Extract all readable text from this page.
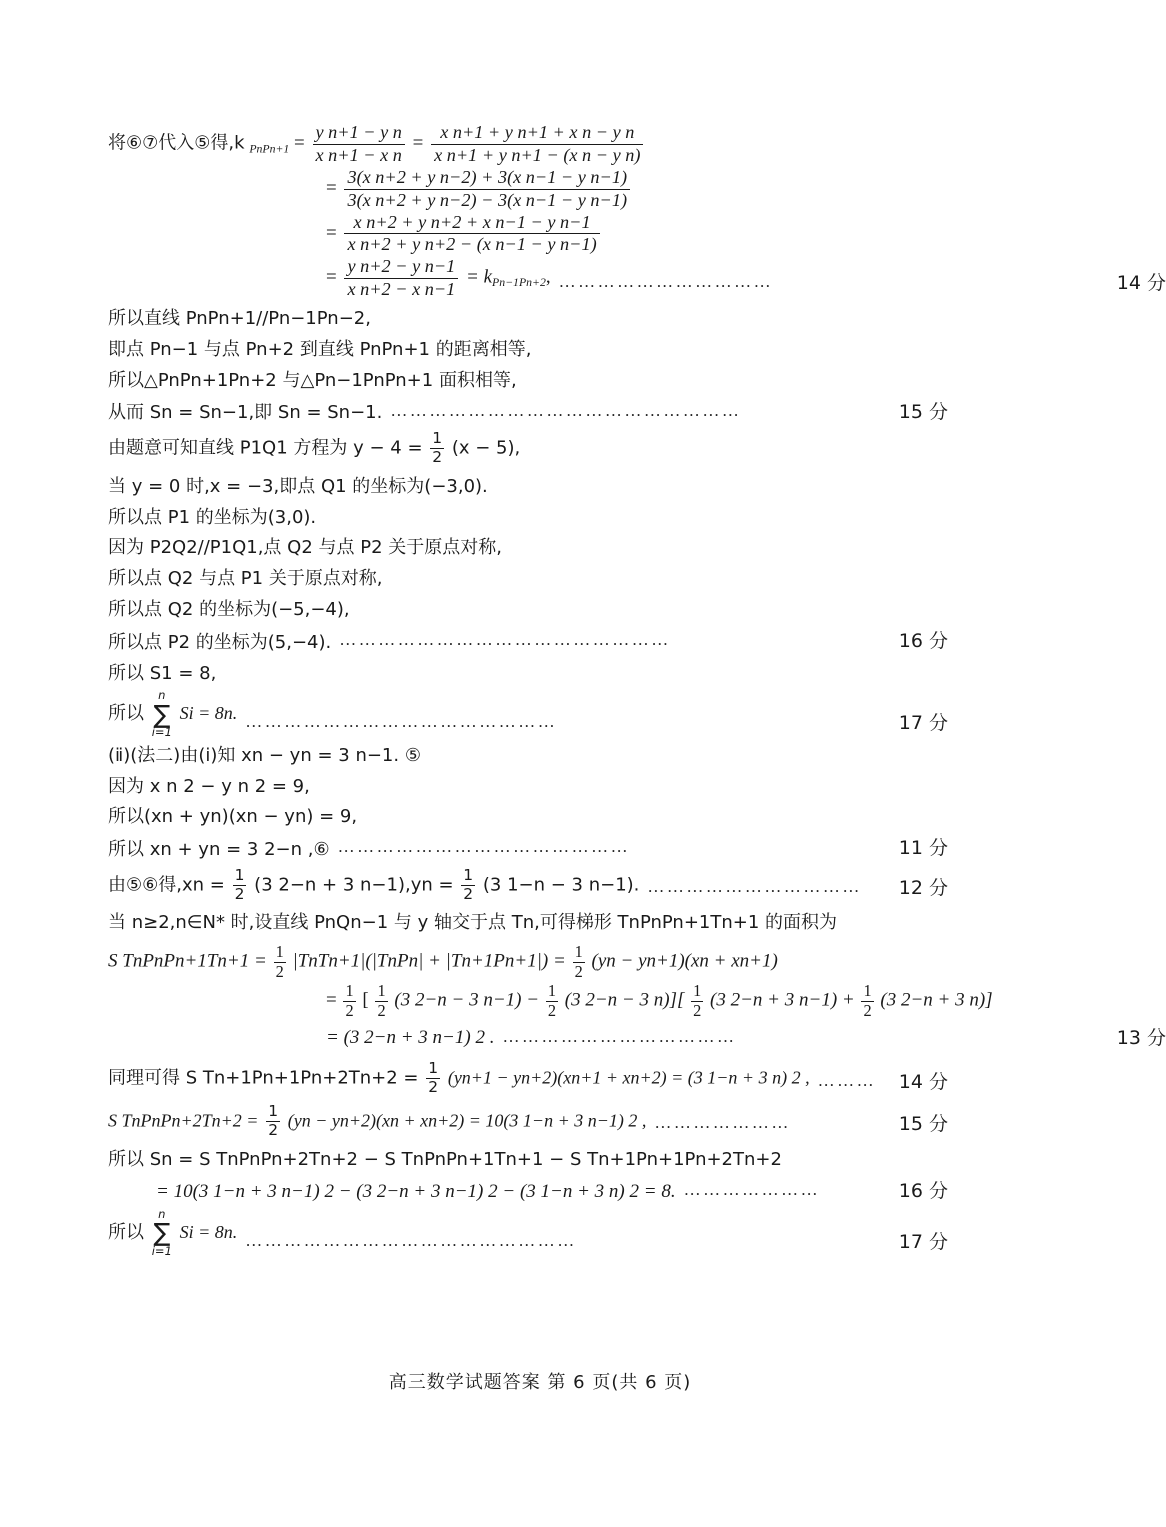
将⑥⑦代入⑤得,k $_{PnPn+1} = \frac{\text{y n+1 − y n}}{\text{x n+1 − x n}} = \frac{\text{x n+1 + y n+1 + x n − y n}}{\text{x n+1 + y n+1 − (x n − y n)}}$
= $\frac{\text{3(x n+2 + y n−2) + 3(x n−1 − y n−1)}}{\text{3(x n+2 + y n−2) − 3(x n−1 − y n−1)}}$
= $\frac{\text{x n+2 + y n+2 + x n−1 − y n−1}}{\text{x n+2 + y n+2 − (x n−1 − y n−1)}}$
= $\frac{\text{y n+2 − y n−1}}{\text{x n+2 − x n−1}} = k_{Pn-1Pn+2}$, ……………………………	14 分
所以直线 PnPn+1//Pn−1Pn−2,
即点 Pn−1 与点 Pn+2 到直线 PnPn+1 的距离相等,
所以△PnPn+1Pn+2 与△Pn−1PnPn+1 面积相等,
从而 Sn = Sn−1,即 Sn = Sn−1. ………………………………………………	15 分
由题意可知直线 P1Q1 方程为 $y - 4 = \frac{1}{2} (x - 5)$,
当 y = 0 时,x = −3,即点 Q1 的坐标为(−3,0).
所以点 P1 的坐标为(3,0).
因为 P2Q2//P1Q1,点 Q2 与点 P2 关于原点对称,
所以点 Q2 与点 P1 关于原点对称,
所以点 Q2 的坐标为(−5,−4),
所以点 P2 的坐标为(5,−4). ……………………………………………	16 分
所以 S1 = 8,
所以
n
∑
i=1
Si = 8n. …………………………………………	17 分
(ⅱ)(法二)由(ⅰ)知 xn − yn = 3 n−1. ⑤
因为 x n 2 − y n 2 = 9,
所以(xn + yn)(xn − yn) = 9,
所以 xn + yn = 3 2−n ,⑥ ………………………………………	11 分
由⑤⑥得$,xn = \frac{1}{2} (3$ 2−n + 3 $n-1),yn = \frac{1}{2} (3$ 1−n − 3 n−1). ……………………………	12 分
当 n≥2,n∈N* 时,设直线 PnQn−1 与 y 轴交于点 Tn,可得梯形 TnPnPn+1Tn+1 的面积为
S TnPnPn+1Tn+1 = $\frac{1}{2}$ |TnTn+1|(|TnPn| + $|Tn+1Pn+1|) = \frac{1}{2} (yn - yn+1)(xn + xn+1)$
= $\frac{1}{2}$ [ $\frac{1}{2} (3$ 2−n − 3 $n-1) - \frac{1}{2} (3$ 2−n − 3 $n)][ \frac{1}{2} (3$ 2−n + 3 $n-1) + \frac{1}{2} (3$ 2−n + 3 n)]
= (3 2−n + 3 n−1) 2 . ………………………………	13 分
同理可得 S $Tn+1Pn+1Pn+2Tn+2 = \frac{1}{2} (yn+1 - yn+2)(xn+1 + xn+2) = (3$ 1−n + 3 n) 2 , ………	14 分
S TnPnPn+2Tn+2 = $\frac{1}{2} (yn - yn+2)(xn + xn+2) = 10(3$ 1−n + 3 n−1) 2 , …………………	15 分
所以 Sn = S TnPnPn+2Tn+2 − S TnPnPn+1Tn+1 − S Tn+1Pn+1Pn+2Tn+2
= 10(3 1−n + 3 n−1) 2 − (3 2−n + 3 n−1) 2 − (3 1−n + 3 n) 2 = 8. …………………	16 分
所以
n
∑
i=1
Si = 8n. ……………………………………………	17 分
高三数学试题答案 第 6 页(共 6 页)
